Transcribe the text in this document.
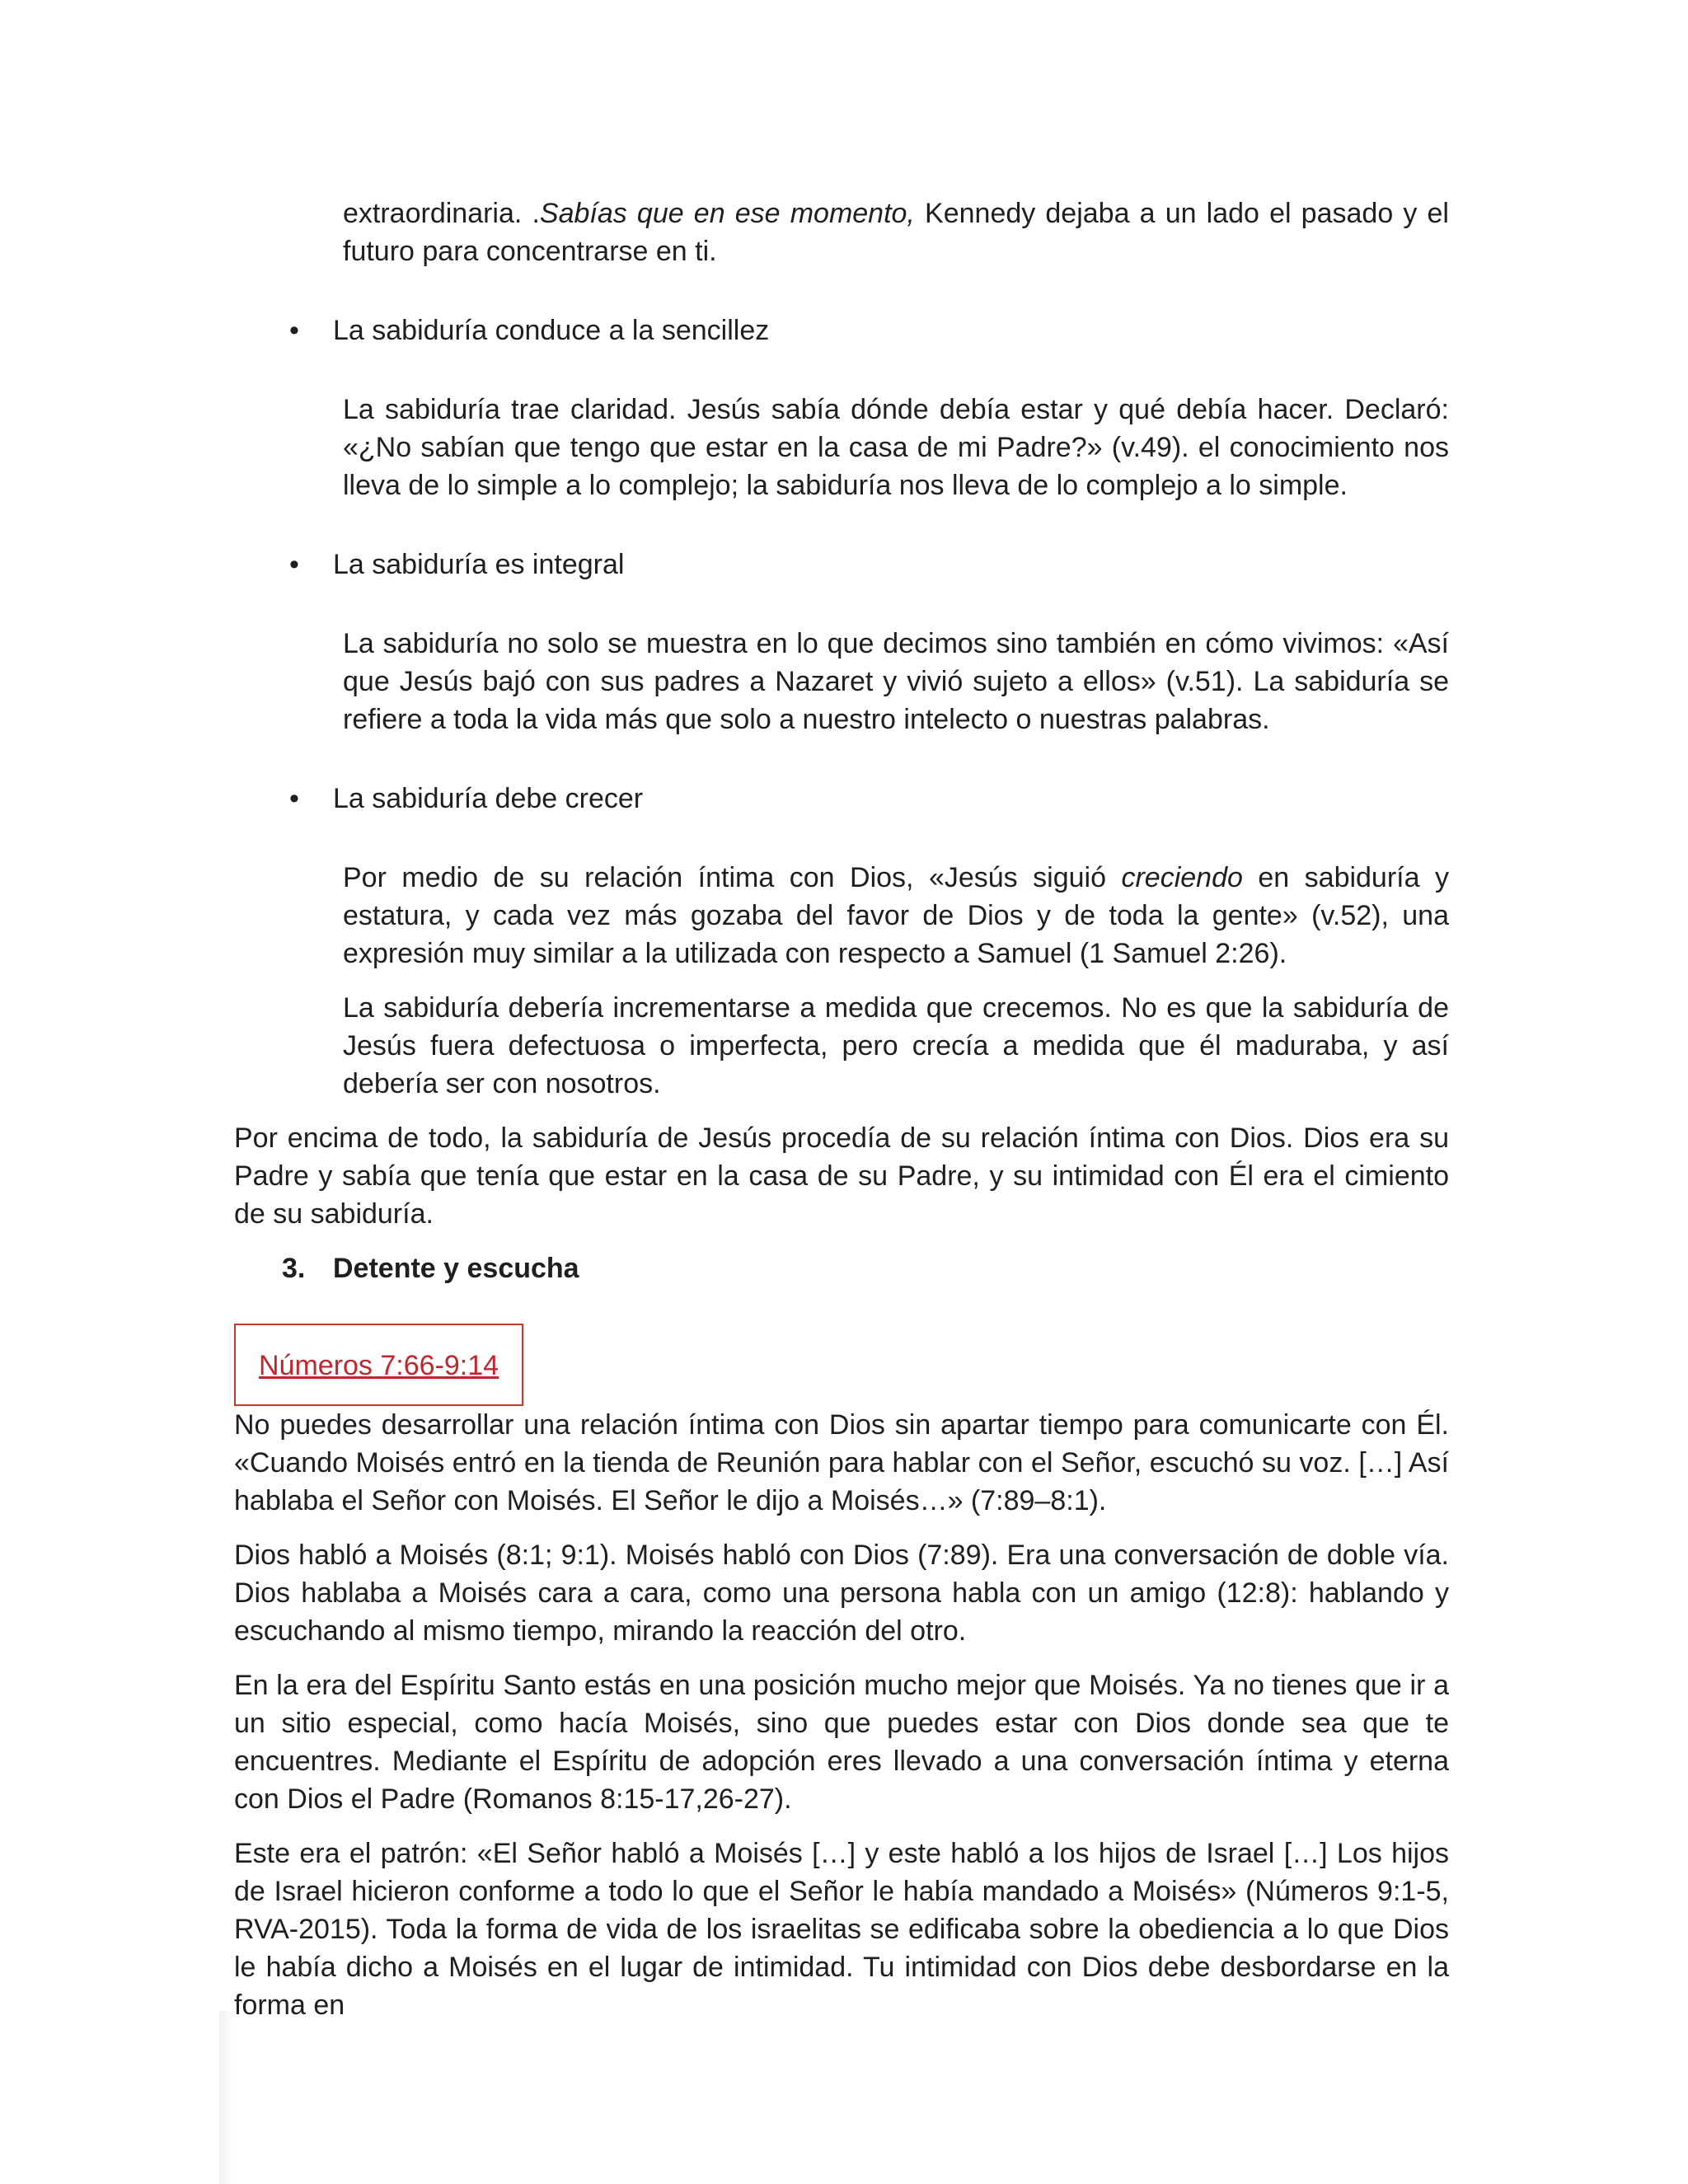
extraordinaria. .Sabías que en ese momento, Kennedy dejaba a un lado el pasado y el futuro para concentrarse en ti.

• La sabiduría conduce a la sencillez

La sabiduría trae claridad. Jesús sabía dónde debía estar y qué debía hacer. Declaró: «¿No sabían que tengo que estar en la casa de mi Padre?» (v.49). el conocimiento nos lleva de lo simple a lo complejo; la sabiduría nos lleva de lo complejo a lo simple.

• La sabiduría es integral

La sabiduría no solo se muestra en lo que decimos sino también en cómo vivimos: «Así que Jesús bajó con sus padres a Nazaret y vivió sujeto a ellos» (v.51). La sabiduría se refiere a toda la vida más que solo a nuestro intelecto o nuestras palabras.

• La sabiduría debe crecer

Por medio de su relación íntima con Dios, «Jesús siguió creciendo en sabiduría y estatura, y cada vez más gozaba del favor de Dios y de toda la gente» (v.52), una expresión muy similar a la utilizada con respecto a Samuel (1 Samuel 2:26).

La sabiduría debería incrementarse a medida que crecemos. No es que la sabiduría de Jesús fuera defectuosa o imperfecta, pero crecía a medida que él maduraba, y así debería ser con nosotros.

Por encima de todo, la sabiduría de Jesús procedía de su relación íntima con Dios. Dios era su Padre y sabía que tenía que estar en la casa de su Padre, y su intimidad con Él era el cimiento de su sabiduría.

3. Detente y escucha
Números 7:66-9:14

No puedes desarrollar una relación íntima con Dios sin apartar tiempo para comunicarte con Él. «Cuando Moisés entró en la tienda de Reunión para hablar con el Señor, escuchó su voz. […] Así hablaba el Señor con Moisés. El Señor le dijo a Moisés…» (7:89–8:1).

Dios habló a Moisés (8:1; 9:1). Moisés habló con Dios (7:89). Era una conversación de doble vía. Dios hablaba a Moisés cara a cara, como una persona habla con un amigo (12:8): hablando y escuchando al mismo tiempo, mirando la reacción del otro.

En la era del Espíritu Santo estás en una posición mucho mejor que Moisés. Ya no tienes que ir a un sitio especial, como hacía Moisés, sino que puedes estar con Dios donde sea que te encuentres. Mediante el Espíritu de adopción eres llevado a una conversación íntima y eterna con Dios el Padre (Romanos 8:15-17,26-27).

Este era el patrón: «El Señor habló a Moisés […] y este habló a los hijos de Israel […] Los hijos de Israel hicieron conforme a todo lo que el Señor le había mandado a Moisés» (Números 9:1-5, RVA-2015). Toda la forma de vida de los israelitas se edificaba sobre la obediencia a lo que Dios le había dicho a Moisés en el lugar de intimidad. Tu intimidad con Dios debe desbordarse en la forma en
